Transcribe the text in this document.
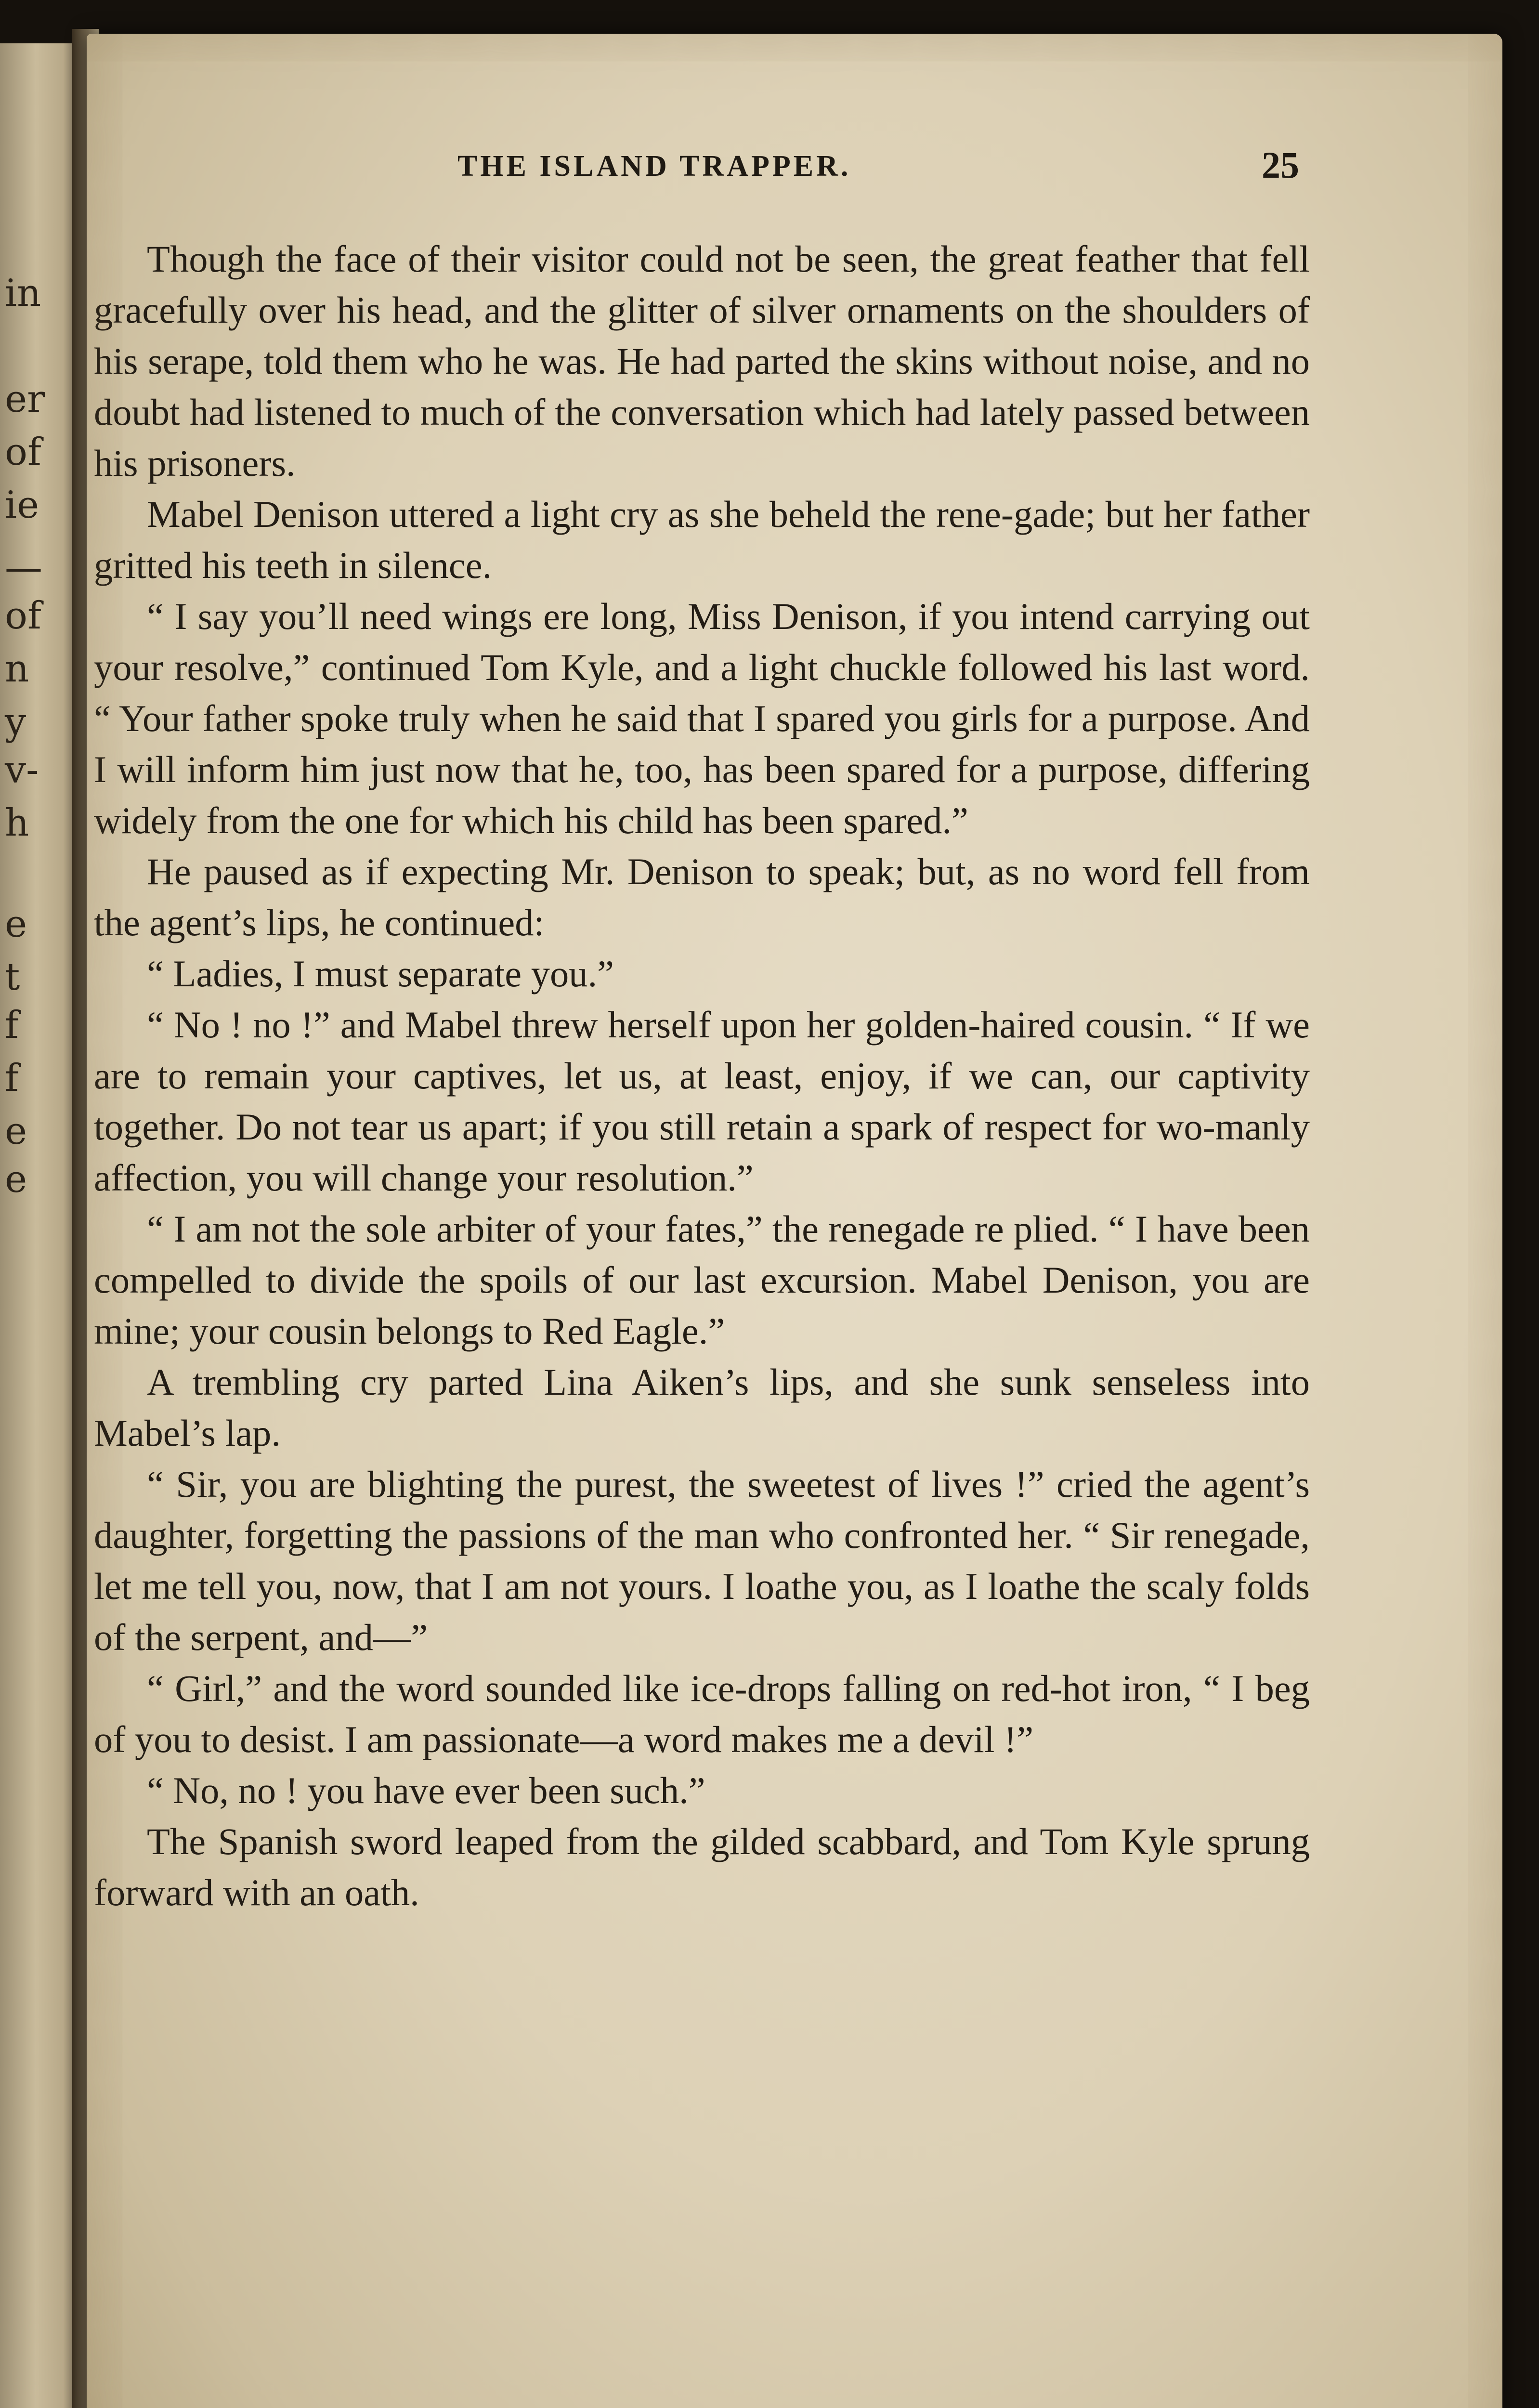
in
er
of
ie
—
of
n
y
v-
h
e
t
f
f
e
e
THE ISLAND TRAPPER.	25

Though the face of their visitor could not be seen, the great feather that fell gracefully over his head, and the glitter of silver ornaments on the shoulders of his serape, told them who he was. He had parted the skins without noise, and no doubt had listened to much of the conversation which had lately passed between his prisoners.

Mabel Denison uttered a light cry as she beheld the rene-gade; but her father gritted his teeth in silence.

“ I say you’ll need wings ere long, Miss Denison, if you intend carrying out your resolve,” continued Tom Kyle, and a light chuckle followed his last word. “ Your father spoke truly when he said that I spared you girls for a purpose. And I will inform him just now that he, too, has been spared for a purpose, differing widely from the one for which his child has been spared.”

He paused as if expecting Mr. Denison to speak; but, as no word fell from the agent’s lips, he continued:

“ Ladies, I must separate you.”

“ No ! no !” and Mabel threw herself upon her golden-haired cousin. “ If we are to remain your captives, let us, at least, enjoy, if we can, our captivity together. Do not tear us apart; if you still retain a spark of respect for wo-manly affection, you will change your resolution.”

“ I am not the sole arbiter of your fates,” the renegade re plied. “ I have been compelled to divide the spoils of our last excursion. Mabel Denison, you are mine; your cousin belongs to Red Eagle.”

A trembling cry parted Lina Aiken’s lips, and she sunk senseless into Mabel’s lap.

“ Sir, you are blighting the purest, the sweetest of lives !” cried the agent’s daughter, forgetting the passions of the man who confronted her. “ Sir renegade, let me tell you, now, that I am not yours. I loathe you, as I loathe the scaly folds of the serpent, and—”

“ Girl,” and the word sounded like ice-drops falling on red-hot iron, “ I beg of you to desist. I am passionate—a word makes me a devil !”

“ No, no ! you have ever been such.”

The Spanish sword leaped from the gilded scabbard, and Tom Kyle sprung forward with an oath.
